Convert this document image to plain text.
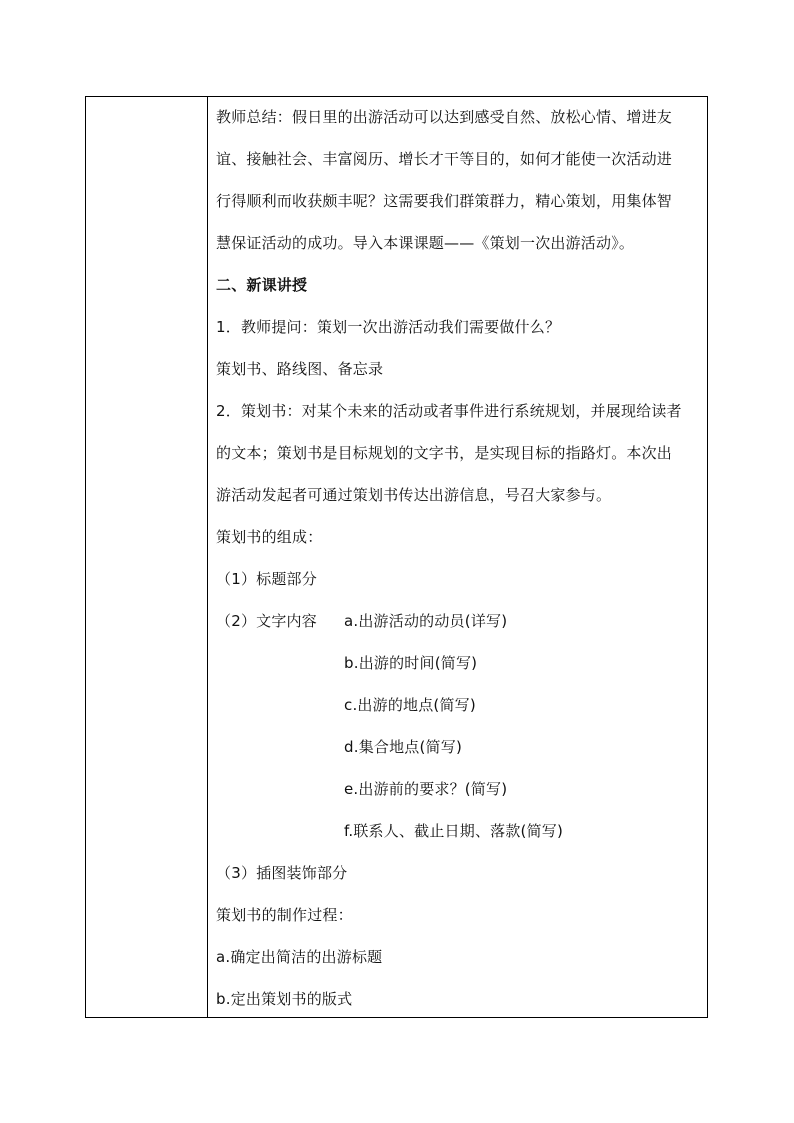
教师总结：假日里的出游活动可以达到感受自然、放松心情、增进友
谊、接触社会、丰富阅历、增长才干等目的，如何才能使一次活动进
行得顺利而收获颇丰呢？这需要我们群策群力，精心策划，用集体智
慧保证活动的成功。导入本课课题——《策划一次出游活动》。
二、新课讲授
1．教师提问：策划一次出游活动我们需要做什么？
策划书、路线图、备忘录
2．策划书：对某个未来的活动或者事件进行系统规划，并展现给读者
的文本；策划书是目标规划的文字书，是实现目标的指路灯。本次出
游活动发起者可通过策划书传达出游信息，号召大家参与。
策划书的组成：
（1）标题部分
（2）文字内容 a.出游活动的动员(详写)
b.出游的时间(简写)
c.出游的地点(简写)
d.集合地点(简写)
e.出游前的要求？(简写)
f.联系人、截止日期、落款(简写)
（3）插图装饰部分
策划书的制作过程：
a.确定出简洁的出游标题
b.定出策划书的版式
